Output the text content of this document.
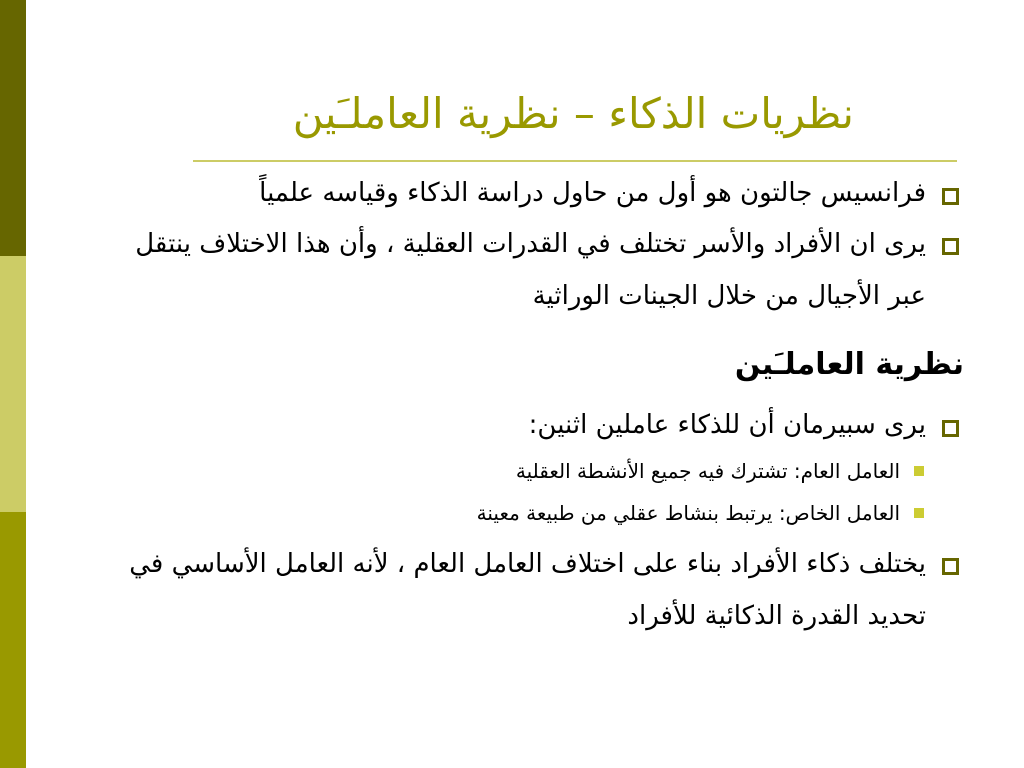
نظريات الذكاء – نظرية العاملـَين
فرانسيس جالتون هو أول من حاول دراسة الذكاء وقياسه علمياً
يرى ان الأفراد والأسر تختلف في القدرات العقلية ، وأن هذا الاختلاف ينتقل عبر الأجيال من خلال الجينات الوراثية
نظرية العاملـَين
يرى سبيرمان أن للذكاء عاملين اثنين:
العامل العام: تشترك فيه جميع الأنشطة العقلية
العامل الخاص: يرتبط بنشاط عقلي من طبيعة معينة
يختلف ذكاء الأفراد بناء على اختلاف العامل العام ، لأنه العامل الأساسي في تحديد القدرة الذكائية للأفراد
